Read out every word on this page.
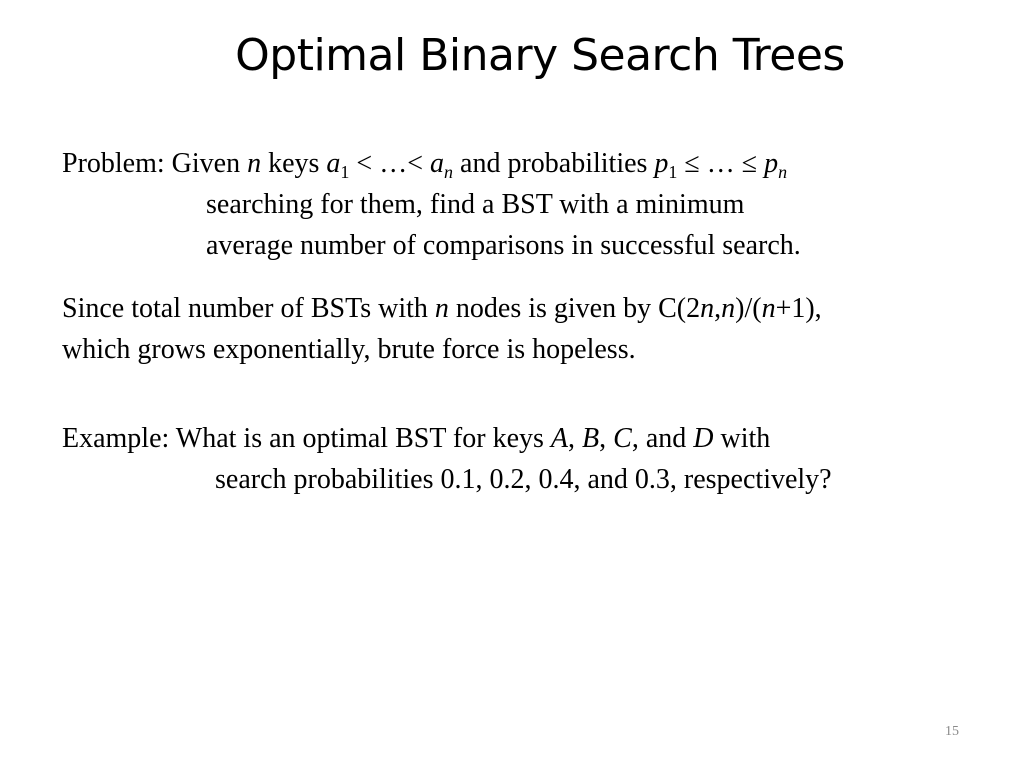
Optimal Binary Search Trees

Problem: Given n keys $a_1$ < …< $a_n$ and probabilities $p_1$ ≤ … ≤ $p_n$
searching for them, find a BST with a minimum
average number of comparisons in successful search.

Since total number of BSTs with n nodes is given by C(2n,n)/(n+1),
which grows exponentially, brute force is hopeless.

Example: What is an optimal BST for keys A, B, C, and D with
search probabilities 0.1, 0.2, 0.4, and 0.3, respectively?

15
